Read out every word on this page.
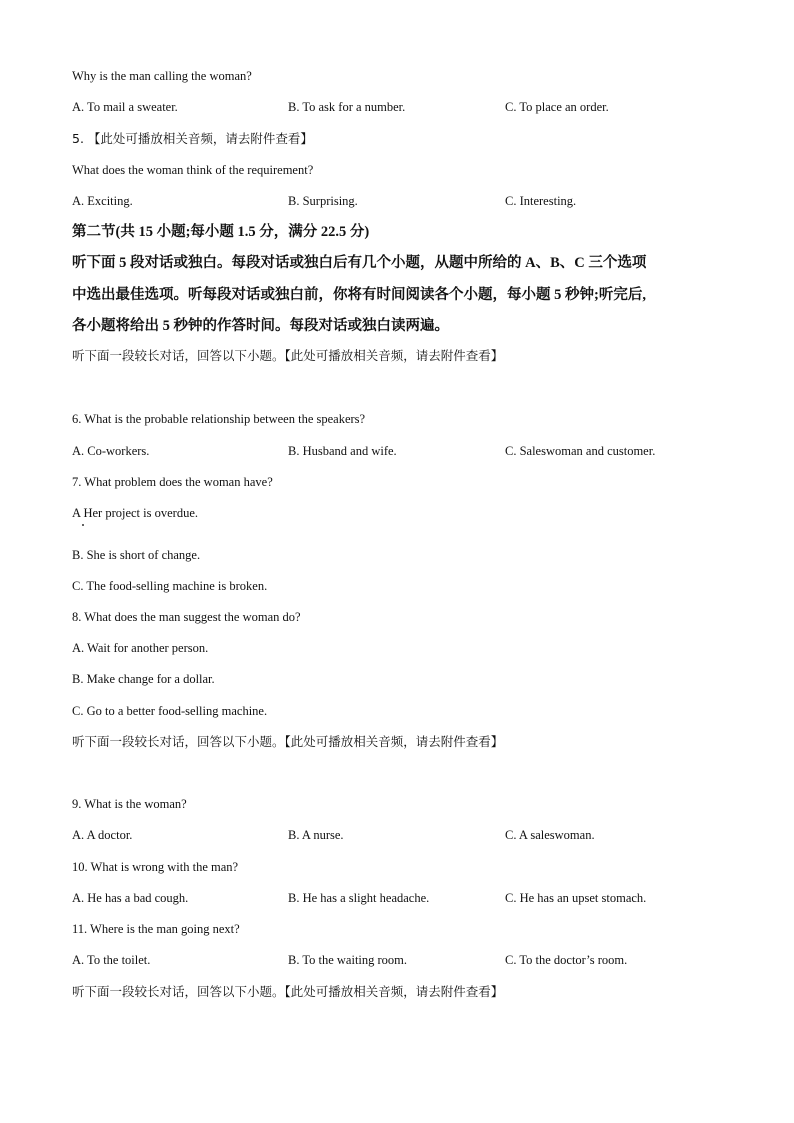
Why is the man calling the woman?
A. To mail a sweater.	B. To ask for a number.	C. To place an order.
5. 【此处可播放相关音频，请去附件查看】
What does the woman think of the requirement?
A. Exciting.	B. Surprising.	C. Interesting.
第二节(共 15 小题;每小题 1.5 分，满分 22.5 分)
听下面 5 段对话或独白。每段对话或独白后有几个小题，从题中所给的 A、B、C 三个选项
中选出最佳选项。听每段对话或独白前，你将有时间阅读各个小题，每小题 5 秒钟;听完后,
各小题将给出 5 秒钟的作答时间。每段对话或独白读两遍。
听下面一段较长对话，回答以下小题。【此处可播放相关音频，请去附件查看】
6. What is the probable relationship between the speakers?
A. Co-workers.	B. Husband and wife.	C. Saleswoman and customer.
7. What problem does the woman have?
A Her project is overdue.
B. She is short of change.
C. The food-selling machine is broken.
8. What does the man suggest the woman do?
A. Wait for another person.
B. Make change for a dollar.
C. Go to a better food-selling machine.
听下面一段较长对话，回答以下小题。【此处可播放相关音频，请去附件查看】
9. What is the woman?
A. A doctor.	B. A nurse.	C. A saleswoman.
10. What is wrong with the man?
A. He has a bad cough.	B. He has a slight headache.	C. He has an upset stomach.
11. Where is the man going next?
A. To the toilet.	B. To the waiting room.	C. To the doctor’s room.
听下面一段较长对话，回答以下小题。【此处可播放相关音频，请去附件查看】
